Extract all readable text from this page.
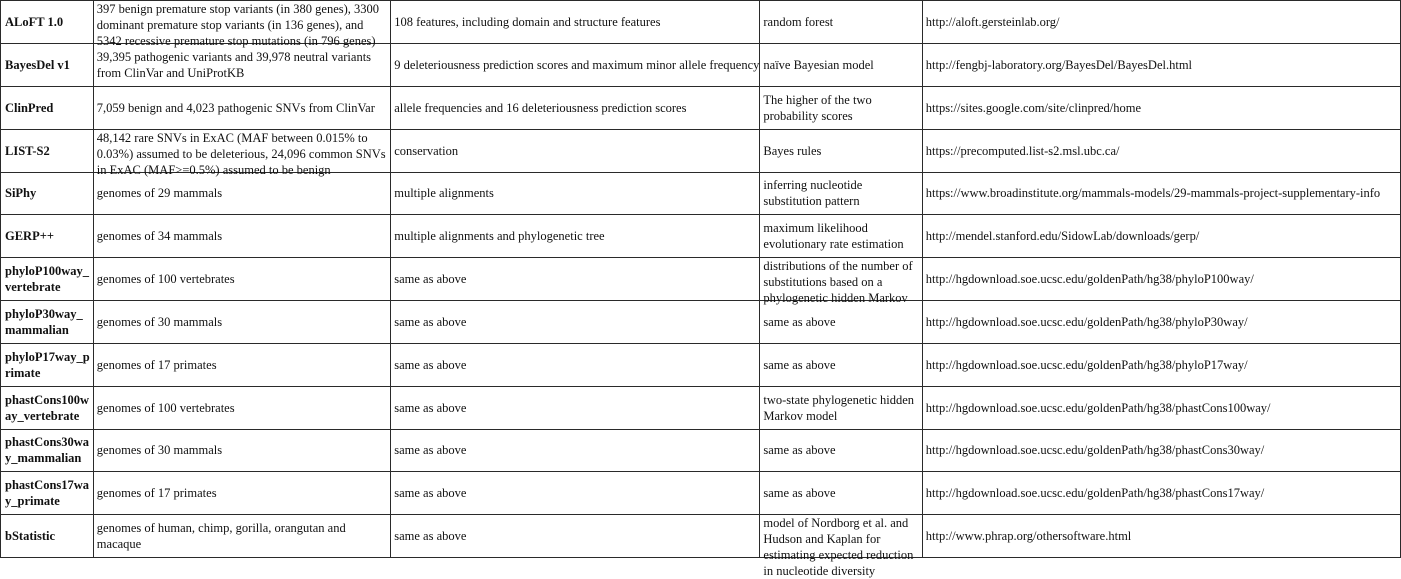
ALoFT 1.0	397 benign premature stop variants (in 380 genes), 3300 dominant premature stop variants (in 136 genes), and 5342 recessive premature stop mutations (in 796 genes)	108 features, including domain and structure features	random forest	http://aloft.gersteinlab.org/

BayesDel v1	39,395 pathogenic variants and 39,978 neutral variants from ClinVar and UniProtKB	9 deleteriousness prediction scores and maximum minor allele frequency	naïve Bayesian model	http://fengbj-laboratory.org/BayesDel/BayesDel.html

ClinPred	7,059 benign and 4,023 pathogenic SNVs from ClinVar	allele frequencies and 16 deleteriousness prediction scores	The higher of the two probability scores	https://sites.google.com/site/clinpred/home

LIST-S2	48,142 rare SNVs in ExAC (MAF between 0.015% to 0.03%) assumed to be deleterious, 24,096 common SNVs in ExAC (MAF>=0.5%) assumed to be benign	conservation	Bayes rules	https://precomputed.list-s2.msl.ubc.ca/

SiPhy	genomes of 29 mammals	multiple alignments	inferring nucleotide substitution pattern	https://www.broadinstitute.org/mammals-models/29-mammals-project-supplementary-info

GERP++	genomes of 34 mammals	multiple alignments and phylogenetic tree	maximum likelihood evolutionary rate estimation	http://mendel.stanford.edu/SidowLab/downloads/gerp/

phyloP100way_vertebrate	genomes of 100 vertebrates	same as above	distributions of the number of substitutions based on a phylogenetic hidden Markov	http://hgdownload.soe.ucsc.edu/goldenPath/hg38/phyloP100way/

phyloP30way_mammalian	genomes of 30 mammals	same as above	same as above	http://hgdownload.soe.ucsc.edu/goldenPath/hg38/phyloP30way/

phyloP17way_primate	genomes of 17 primates	same as above	same as above	http://hgdownload.soe.ucsc.edu/goldenPath/hg38/phyloP17way/

phastCons100way_vertebrate	genomes of 100 vertebrates	same as above	two-state phylogenetic hidden Markov model	http://hgdownload.soe.ucsc.edu/goldenPath/hg38/phastCons100way/

phastCons30way_mammalian	genomes of 30 mammals	same as above	same as above	http://hgdownload.soe.ucsc.edu/goldenPath/hg38/phastCons30way/

phastCons17way_primate	genomes of 17 primates	same as above	same as above	http://hgdownload.soe.ucsc.edu/goldenPath/hg38/phastCons17way/

bStatistic	genomes of human, chimp, gorilla, orangutan and macaque	same as above	model of Nordborg et al. and Hudson and Kaplan for estimating expected reduction in nucleotide diversity	http://www.phrap.org/othersoftware.html
